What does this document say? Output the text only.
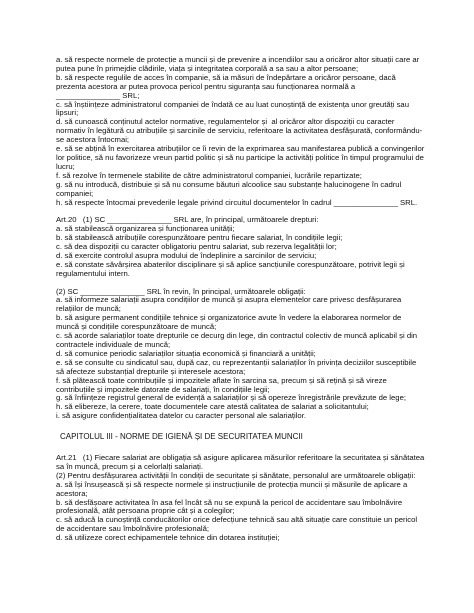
a. să respecte normele de protecție a muncii și de prevenire a incendiilor sau a oricăror altor situații care ar

putea pune în primejdie clădirile, viața și integritatea corporală a sa sau a altor persoane;

b. să respecte regulile de acces în companie, să ia măsuri de îndepărtare a oricăror persoane, dacă

prezenta acestora ar putea provoca pericol pentru siguranța sau funcționarea normală a

_______________ SRL;

c. să înștiințeze administratorul companiei de îndată ce au luat cunoștință de existența unor greutăți sau

lipsuri;

d. să cunoască conținutul actelor normative, regulamentelor și  al oricăror altor dispoziții cu caracter

normativ în legătură cu atribuțiile și sarcinile de serviciu, referitoare la activitatea desfășurată, conformându-

se acestora întocmai;

e. să se abțină în exercitarea atribuțiilor ce îi revin de la exprimarea sau manifestarea publică a convingerilor

lor politice, să nu favorizeze vreun partid politic și să nu participe la activități politice în timpul programului de

lucru;

f. să rezolve în termenele stabilite de către administratorul companiei, lucrările repartizate;

g. să nu introducă, distribuie și să nu consume băuturi alcoolice sau substanțe halucinogene în cadrul

companiei;

h. să respecte întocmai prevederile legale privind circuitul documentelor în cadrul _______________ SRL.

Art.20   (1) SC _______________ SRL are, în principal, următoarele drepturi:

a. să stabilească organizarea și funcționarea unității;

b. să stabilească atribuțiile corespunzătoare pentru fiecare salariat, în condițiile legii;

c. să dea dispoziții cu caracter obligatoriu pentru salariat, sub rezerva legalității lor;

d. să exercite controlul asupra modului de îndeplinire a sarcinilor de serviciu;

e. să constate săvârșirea abaterilor disciplinare și să aplice sancțiunile corespunzătoare, potrivit legii și

regulamentului intern.

(2) SC _______________ SRL în revin, în principal, următoarele obligații:

a. să informeze salariații asupra condițiilor de muncă și asupra elementelor care privesc desfășurarea

relațiilor de muncă;

b. să asigure permanent condițiile tehnice și organizatorice avute în vedere la elaborarea normelor de

muncă și condițiile corespunzătoare de muncă;

c. să acorde salariaților toate drepturile ce decurg din lege, din contractul colectiv de muncă aplicabil și din

contractele individuale de muncă;

d. să comunice periodic salariaților situația economică și financiară a unității;

e. să se consulte cu sindicatul sau, după caz, cu reprezentanții salariaților în privința deciziilor susceptibile

să afecteze substanțial drepturile și interesele acestora;

f. să plătească toate contribuțiile și impozitele aflate în sarcina sa, precum și să rețină și să vireze

contribuțiile și impozitele datorate de salariați, în condițiile legii;

g. să înființeze registrul general de evidență a salariaților și să opereze înregistrările prevăzute de lege;

h. să elibereze, la cerere, toate documentele care atestă calitatea de salariat a solicitantului;

i. să asigure confidențialitatea datelor cu caracter personal ale salariaților.

CAPITOLUL III - NORME DE IGIENĂ ȘI DE SECURITATEA MUNCII

Art.21   (1) Fiecare salariat are obligația să asigure aplicarea măsurilor referitoare la securitatea și sănătatea

sa în muncă, precum și a celorlalți salariați.

(2) Pentru desfășurarea activității în condiții de securitate și sănătate, personalul are următoarele obligații:

a. să își însușească și să respecte normele și instrucțiunile de protecția muncii și măsurile de aplicare a

acestora;

b. să desfășoare activitatea în asa fel încât să nu se expună la pericol de accidentare sau îmbolnăvire

profesională, atât persoana proprie cât și a colegilor;

c. să aducă la cunoștință conducătorilor orice defecțiune tehnică sau altă situație care constituie un pericol

de accidentare sau îmbolnăvire profesională;

d. să utilizeze corect echipamentele tehnice din dotarea instituției;
